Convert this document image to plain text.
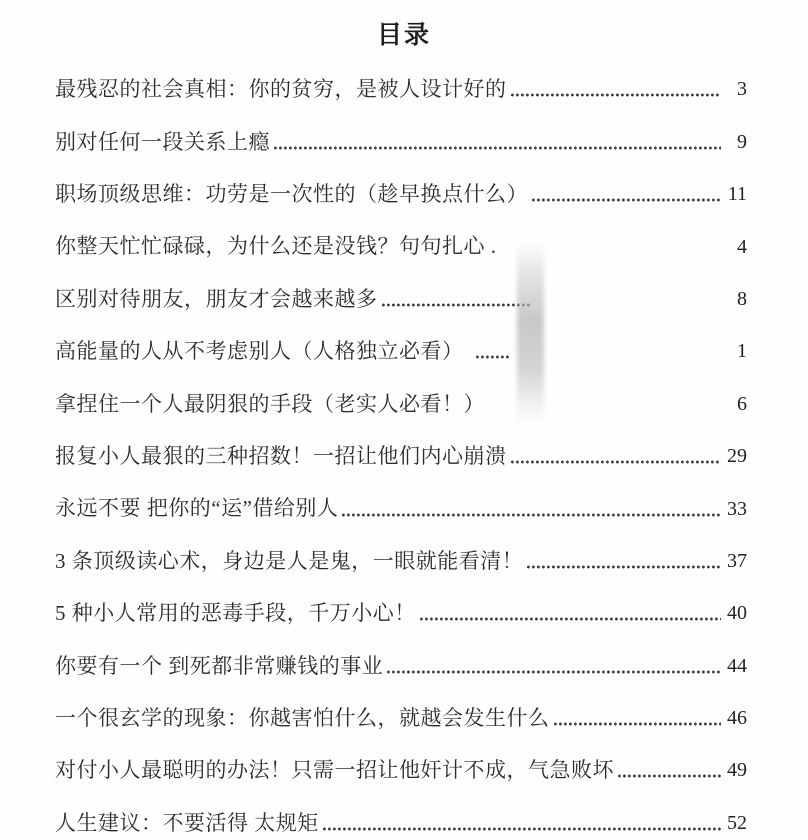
目录
最残忍的社会真相：你的贫穷，是被人设计好的	3
别对任何一段关系上瘾	9
职场顶级思维：功劳是一次性的（趁早换点什么）	11
你整天忙忙碌碌，为什么还是没钱？句句扎心 .	4
区别对待朋友，朋友才会越来越多	8
高能量的人从不考虑别人（人格独立必看）	1
拿捏住一个人最阴狠的手段（老实人必看！）	6
报复小人最狠的三种招数！一招让他们内心崩溃	29
永远不要 把你的“运”借给别人	33
3 条顶级读心术，身边是人是鬼，一眼就能看清！	37
5 种小人常用的恶毒手段，千万小心！	40
你要有一个 到死都非常赚钱的事业	44
一个很玄学的现象：你越害怕什么，就越会发生什么	46
对付小人最聪明的办法！只需一招让他奸计不成，气急败坏	49
人生建议：不要活得 太规矩	52
